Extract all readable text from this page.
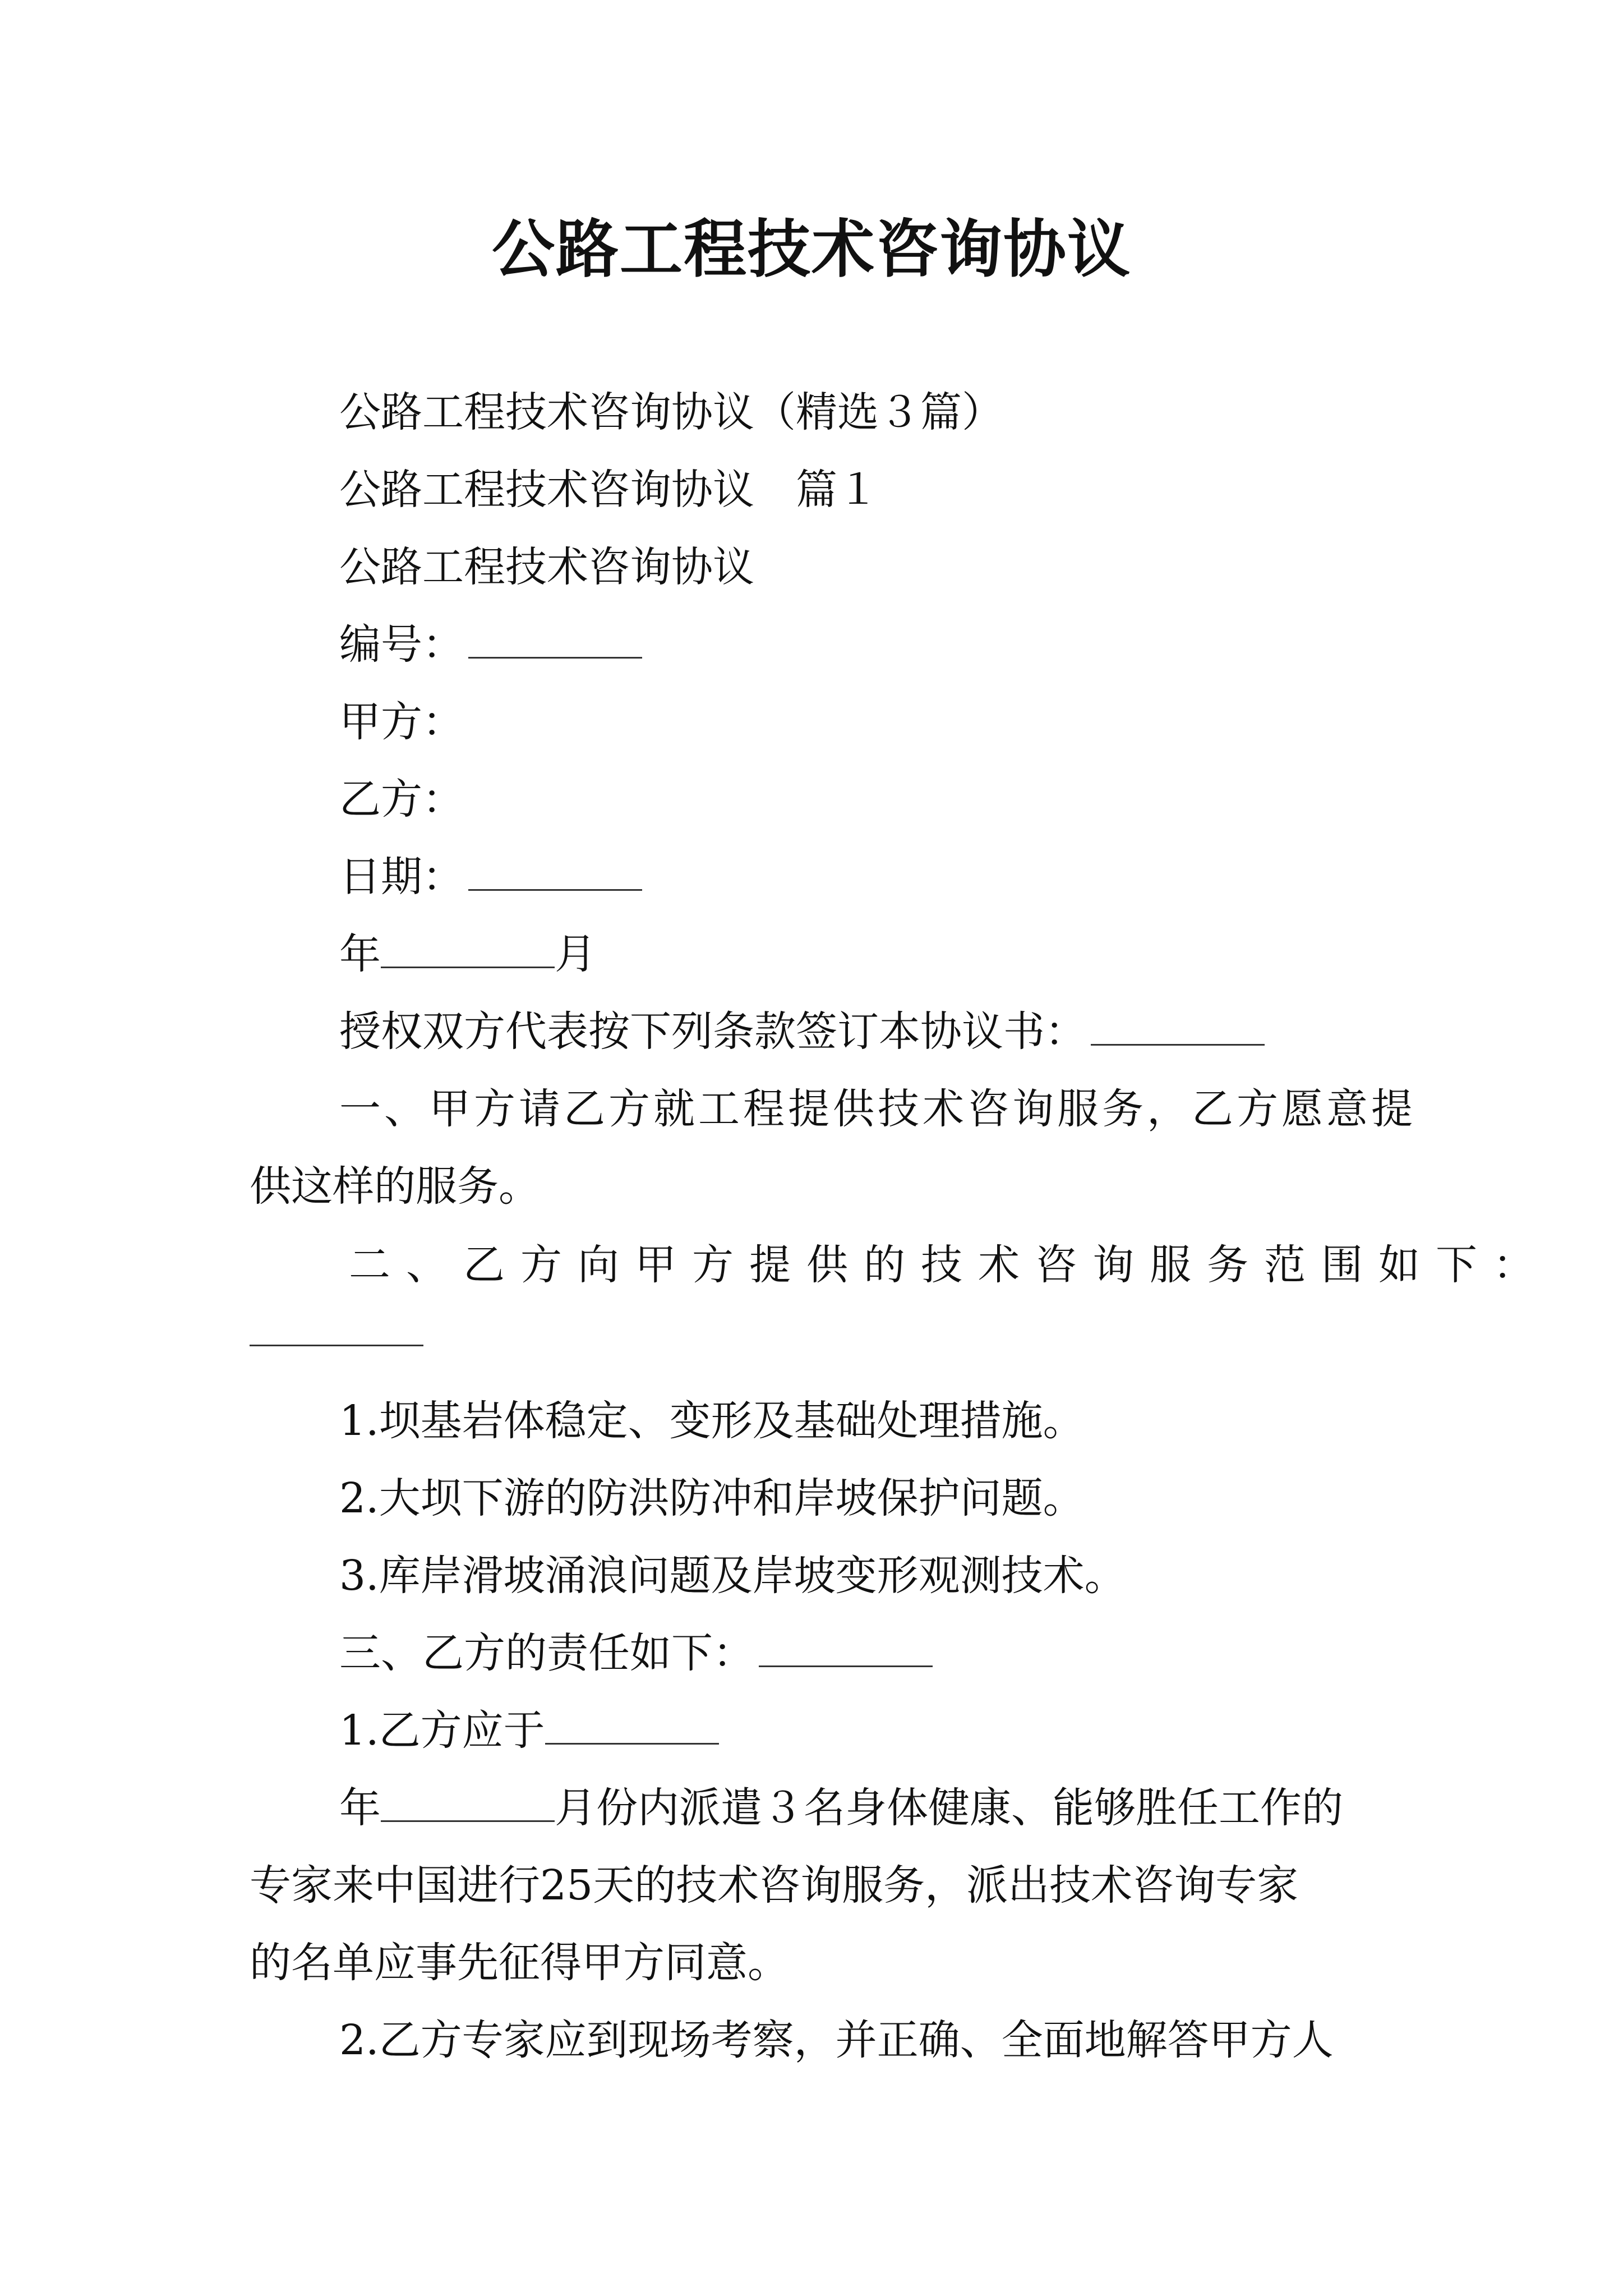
公路工程技术咨询协议
公路工程技术咨询协议（精选３篇）
公路工程技术咨询协议　篇１
公路工程技术咨询协议
编号：
甲方：
乙方：
日期：
年	月
授权双方代表按下列条款签订本协议书：
一、甲方请乙方就工程提供技术咨询服务，乙方愿意提
供这样的服务。
二、乙方向甲方提供的技术咨询服务范围如下：
1.坝基岩体稳定、变形及基础处理措施。
2.大坝下游的防洪防冲和岸坡保护问题。
3.库岸滑坡涌浪问题及岸坡变形观测技术。
三、乙方的责任如下：
1.乙方应于
年	月份内派遣３名身体健康、能够胜任工作的
专家来中国进行25天的技术咨询服务，派出技术咨询专家
的名单应事先征得甲方同意。
2.乙方专家应到现场考察，并正确、全面地解答甲方人
